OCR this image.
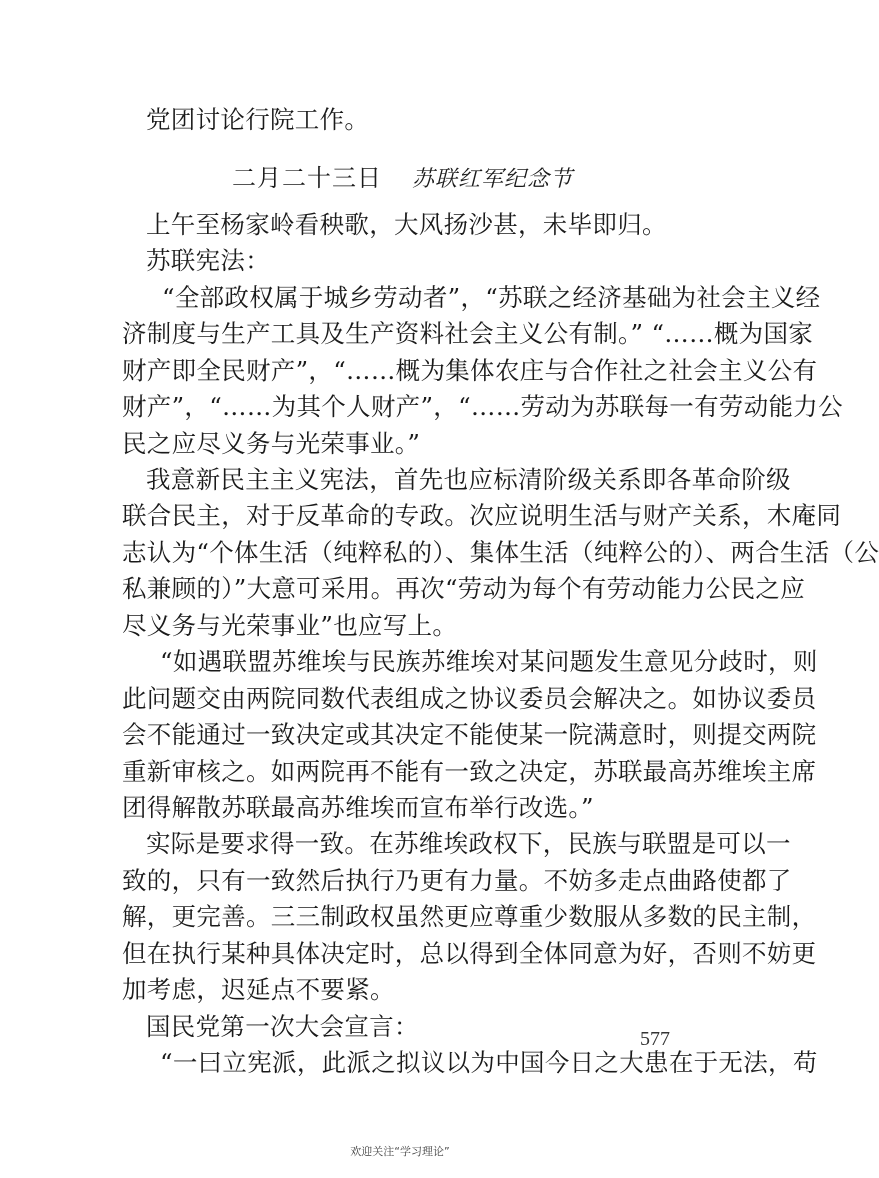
党团讨论行院工作。

二月二十三日 苏联红军纪念节

上午至杨家岭看秧歌，大风扬沙甚，未毕即归。

苏联宪法：

“全部政权属于城乡劳动者”，“苏联之经济基础为社会主义经

济制度与生产工具及生产资料社会主义公有制。” “……概为国家

财产即全民财产”，“……概为集体农庄与合作社之社会主义公有

财产”，“……为其个人财产”，“……劳动为苏联每一有劳动能力公

民之应尽义务与光荣事业。”

我意新民主主义宪法，首先也应标清阶级关系即各革命阶级

联合民主，对于反革命的专政。次应说明生活与财产关系，木庵同

志认为“个体生活（纯粹私的）、集体生活（纯粹公的）、两合生活（公

私兼顾的）”大意可采用。再次“劳动为每个有劳动能力公民之应

尽义务与光荣事业”也应写上。

“如遇联盟苏维埃与民族苏维埃对某问题发生意见分歧时，则

此问题交由两院同数代表组成之协议委员会解决之。如协议委员

会不能通过一致决定或其决定不能使某一院满意时，则提交两院

重新审核之。如两院再不能有一致之决定，苏联最高苏维埃主席

团得解散苏联最高苏维埃而宣布举行改选。”

实际是要求得一致。在苏维埃政权下，民族与联盟是可以一

致的，只有一致然后执行乃更有力量。不妨多走点曲路使都了

解，更完善。三三制政权虽然更应尊重少数服从多数的民主制，

但在执行某种具体决定时，总以得到全体同意为好，否则不妨更

加考虑，迟延点不要紧。

国民党第一次大会宣言：

“一曰立宪派，此派之拟议以为中国今日之大患在于无法，苟

577
欢迎关注“学习理论”
